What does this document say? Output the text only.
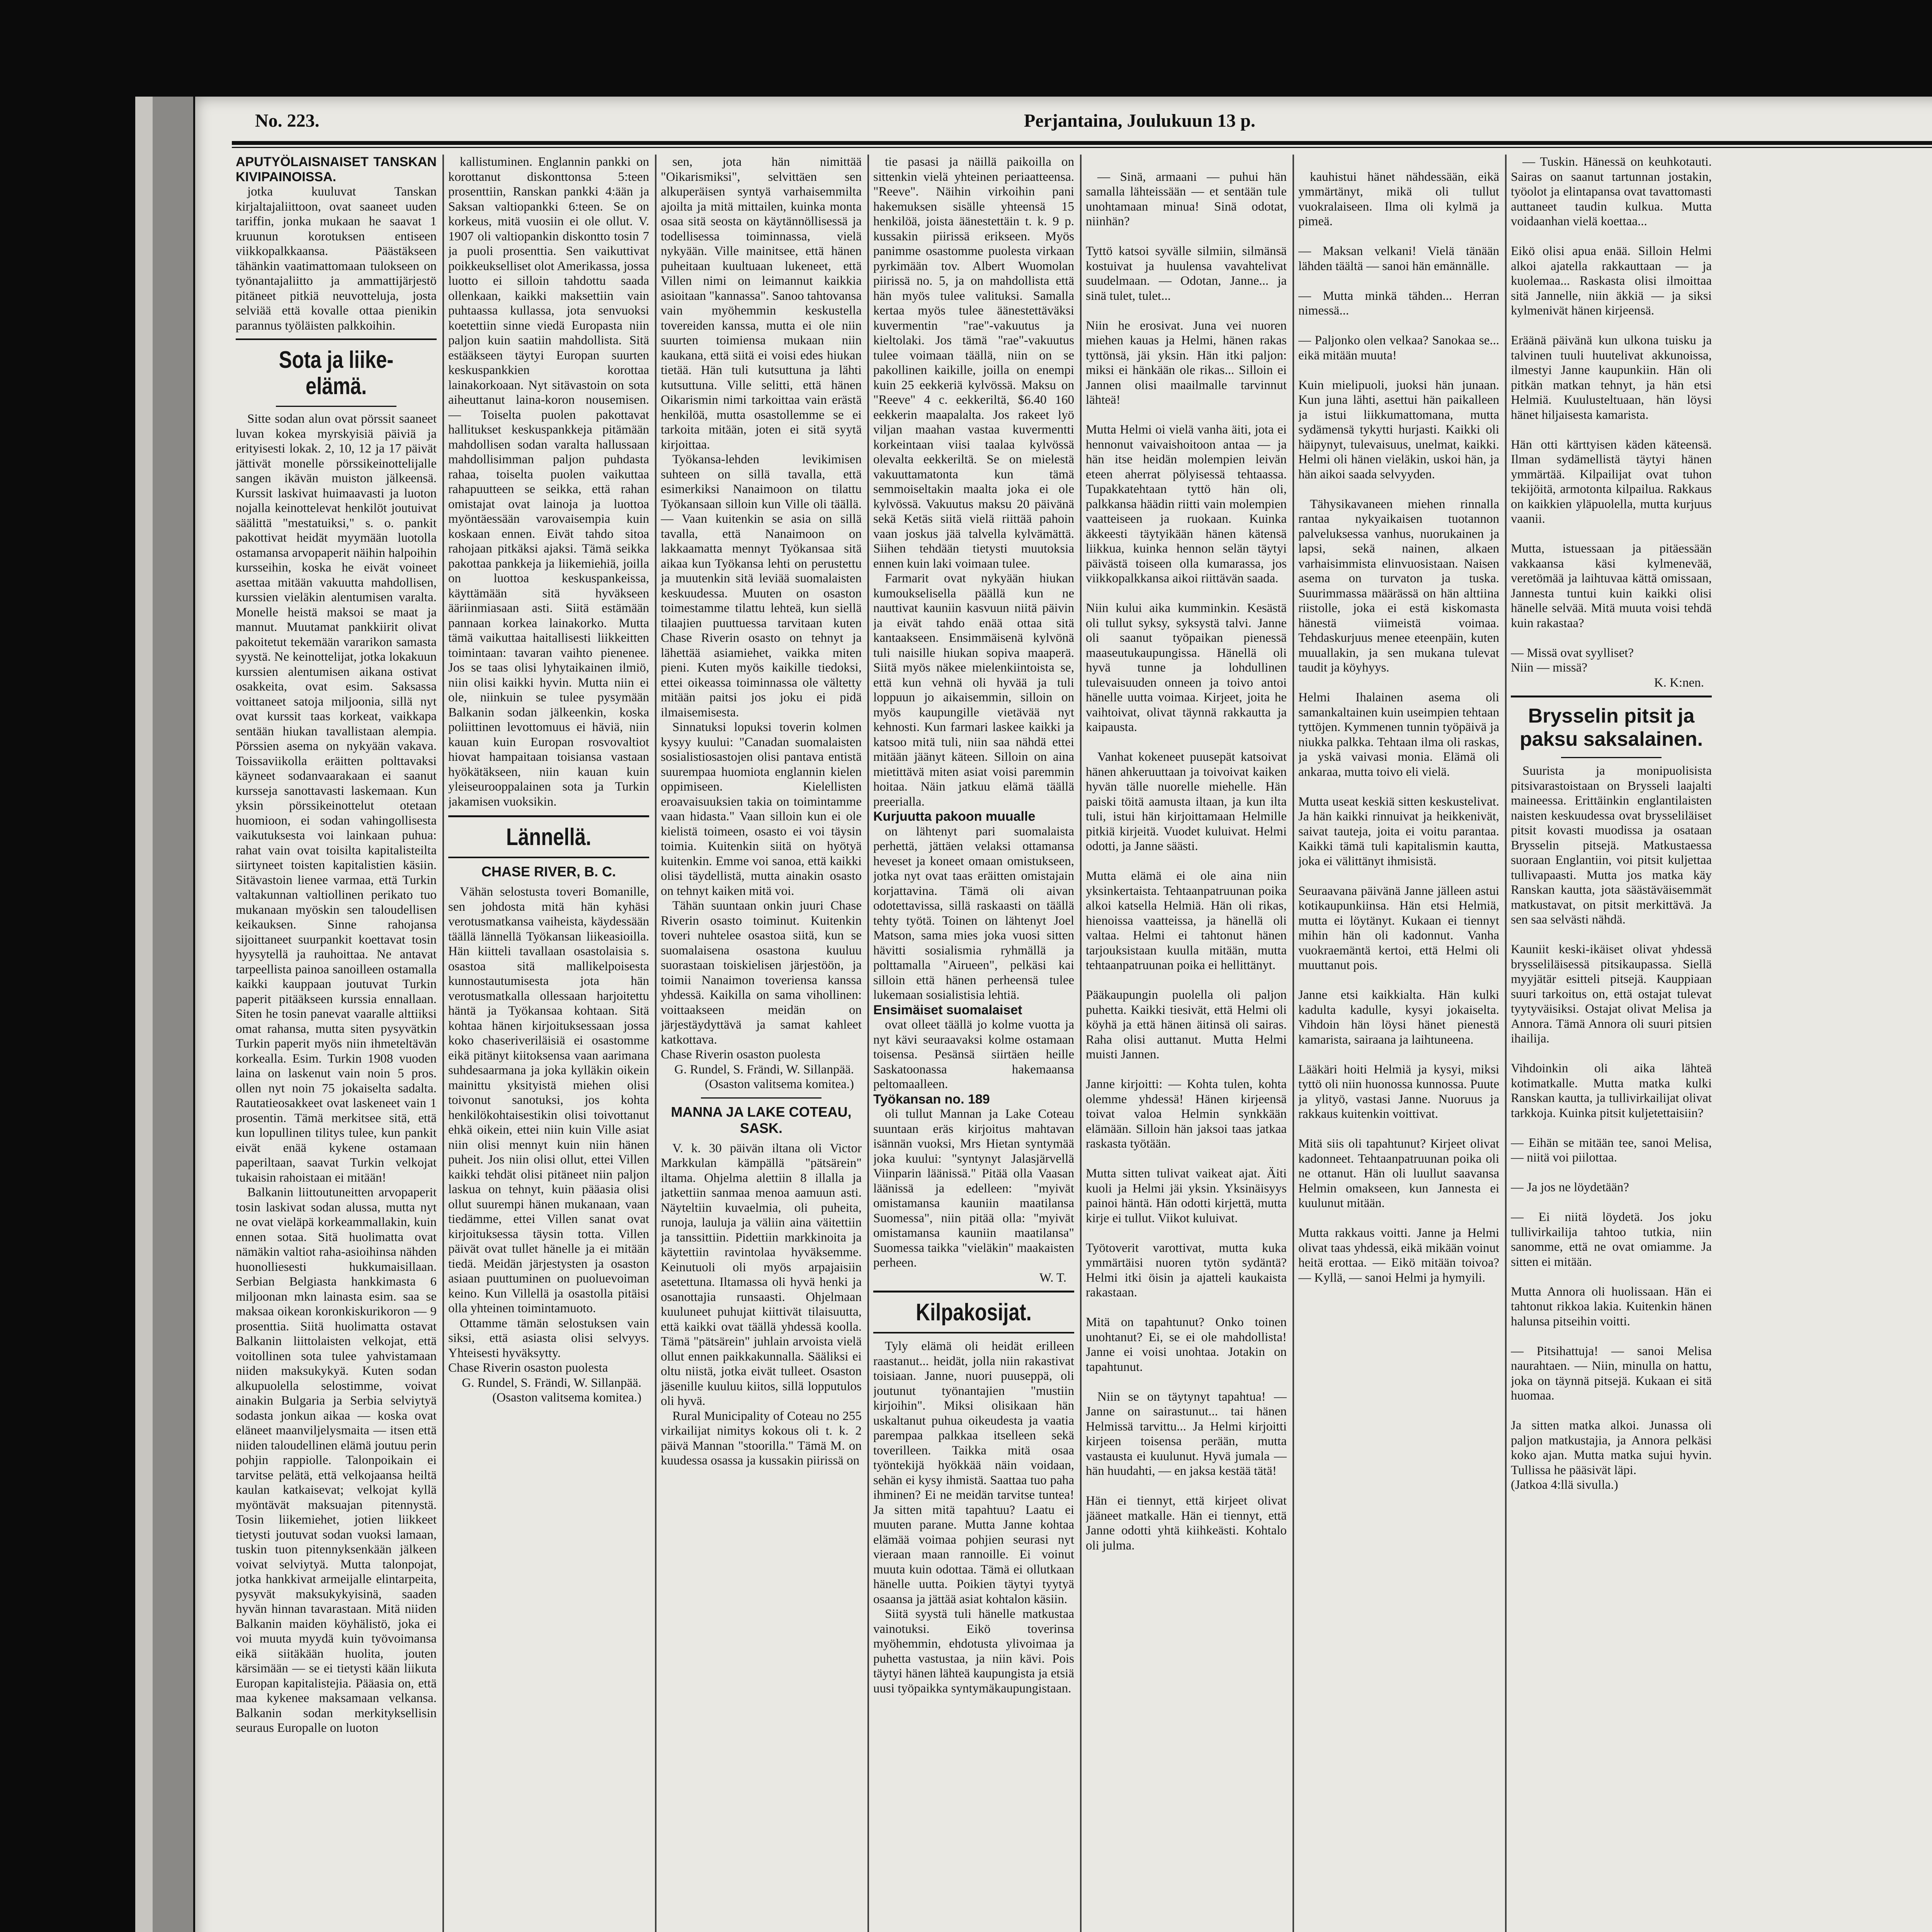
No. 223.	Perjantaina, Joulukuun 13 p.
APUTYÖLAISNAISET TANSKAN KIVIPAINOISSA.

jotka kuuluvat Tanskan kirjaltajaliittoon, ovat saaneet uuden tariffin, jonka mukaan he saavat 1 kruunun korotuksen entiseen viikkopalkkaansa. Päästäkseen tähänkin vaatimattomaan tulokseen on työnantajaliitto ja ammattijärjestö pitäneet pitkiä neuvotteluja, josta selviää että kovalle ottaa pienikin parannus työläisten palkkoihin.

Sota ja liike-elämä.

Sitte sodan alun ovat pörssit saaneet luvan kokea myrskyisiä päiviä ja erityisesti lokak. 2, 10, 12 ja 17 päivät jättivät monelle pörssikeinottelijalle sangen ikävän muiston jälkeensä. Kurssit laskivat huimaavasti ja luoton nojalla keinottelevat henkilöt joutuivat säälittä "mestatuiksi," s. o. pankit pakottivat heidät myymään luotolla ostamansa arvopaperit näihin halpoihin kursseihin, koska he eivät voineet asettaa mitään vakuutta mahdollisen, kurssien vieläkin alentumisen varalta. Monelle heistä maksoi se maat ja mannut. Muutamat pankkiirit olivat pakoitetut tekemään vararikon samasta syystä. Ne keinottelijat, jotka lokakuun kurssien alentumisen aikana ostivat osakkeita, ovat esim. Saksassa voittaneet satoja miljoonia, sillä nyt ovat kurssit taas korkeat, vaikkapa sentään hiukan tavallistaan alempia. Pörssien asema on nykyään vakava. Toissaviikolla eräitten polttavaksi käyneet sodanvaarakaan ei saanut kursseja sanottavasti laskemaan. Kun yksin pörssikeinottelut otetaan huomioon, ei sodan vahingollisesta vaikutuksesta voi lainkaan puhua: rahat vain ovat toisilta kapitalisteilta siirtyneet toisten kapitalistien käsiin. Sitävastoin lienee varmaa, että Turkin valtakunnan valtiollinen perikato tuo mukanaan myöskin sen taloudellisen keikauksen. Sinne rahojansa sijoittaneet suurpankit koettavat tosin hyysytellä ja rauhoittaa. Ne antavat tarpeellista painoa sanoilleen ostamalla kaikki kauppaan joutuvat Turkin paperit pitääkseen kurssia ennallaan. Siten he tosin panevat vaaralle alttiiksi omat rahansa, mutta siten pysyvätkin Turkin paperit myös niin ihmeteltävän korkealla. Esim. Turkin 1908 vuoden laina on laskenut vain noin 5 pros. ollen nyt noin 75 jokaiselta sadalta. Rautatieosakkeet ovat laskeneet vain 1 prosentin. Tämä merkitsee sitä, että kun lopullinen tilitys tulee, kun pankit eivät enää kykene ostamaan paperiltaan, saavat Turkin velkojat tukaisin rahoistaan ei mitään!

Balkanin liittoutuneitten arvopaperit tosin laskivat sodan alussa, mutta nyt ne ovat vieläpä korkeammallakin, kuin ennen sotaa. Sitä huolimatta ovat nämäkin valtiot raha-asioihinsa nähden huonolliesesti hukkumaisillaan. Serbian Belgiasta hankkimasta 6 miljoonan mkn lainasta esim. saa se maksaa oikean koronkiskurikoron — 9 prosenttia. Siitä huolimatta ostavat Balkanin liittolaisten velkojat, että voitollinen sota tulee yahvistamaan niiden maksukykyä. Kuten sodan alkupuolella selostimme, voivat ainakin Bulgaria ja Serbia selviytyä sodasta jonkun aikaa — koska ovat eläneet maanviljelysmaita — itsen että niiden taloudellinen elämä joutuu perin pohjin rappiolle. Talonpoikain ei tarvitse pelätä, että velkojaansa heiltä kaulan katkaisevat; velkojat kyllä myöntävät maksuajan pitennystä. Tosin liikemiehet, jotien liikkeet tietysti joutuvat sodan vuoksi lamaan, tuskin tuon pitennyksenkään jälkeen voivat selviytyä. Mutta talonpojat, jotka hankkivat armeijalle elintarpeita, pysyvät maksukykyisinä, saaden hyvän hinnan tavarastaan. Mitä niiden Balkanin maiden köyhälistö, joka ei voi muuta myydä kuin työvoimansa eikä siitäkään huolita, jouten kärsimään — se ei tietysti kään liikuta Europan kapitalistejia. Pääasia on, että maa kykenee maksamaan velkansa. Balkanin sodan merkityksellisin seuraus Europalle on luoton

kallistuminen. Englannin pankki on korottanut diskonttonsa 5:teen prosenttiin, Ranskan pankki 4:ään ja Saksan valtiopankki 6:teen. Se on korkeus, mitä vuosiin ei ole ollut. V. 1907 oli valtiopankin diskontto tosin 7 ja puoli prosenttia. Sen vaikuttivat poikkeukselliset olot Amerikassa, jossa luotto ei silloin tahdottu saada ollenkaan, kaikki maksettiin vain puhtaassa kullassa, jota senvuoksi koetettiin sinne viedä Europasta niin paljon kuin saatiin mahdollista. Sitä estääkseen täytyi Europan suurten keskuspankkien korottaa lainakorkoaan. Nyt sitävastoin on sota aiheuttanut laina-koron nousemisen. — Toiselta puolen pakottavat hallitukset keskuspankkeja pitämään mahdollisen sodan varalta hallussaan mahdollisimman paljon puhdasta rahaa, toiselta puolen vaikuttaa rahapuutteen se seikka, että rahan omistajat ovat lainoja ja luottoa myöntäessään varovaisempia kuin koskaan ennen. Eivät tahdo sitoa rahojaan pitkäksi ajaksi. Tämä seikka pakottaa pankkeja ja liikemiehiä, joilla on luottoa keskuspankeissa, käyttämään sitä hyväkseen ääriinmiasaan asti. Siitä estämään pannaan korkea lainakorko. Mutta tämä vaikuttaa haitallisesti liikkeitten toimintaan: tavaran vaihto pienenee. Jos se taas olisi lyhytaikainen ilmiö, niin olisi kaikki hyvin. Mutta niin ei ole, niinkuin se tulee pysymään Balkanin sodan jälkeenkin, koska poliittinen levottomuus ei häviä, niin kauan kuin Europan rosvovaltiot hiovat hampaitaan toisiansa vastaan hyökätäkseen, niin kauan kuin yleiseurooppalainen sota ja Turkin jakamisen vuoksikin.

Lännellä.
CHASE RIVER, B. C.

Vähän selostusta toveri Bomanille, sen johdosta mitä hän kyhäsi verotusmatkansa vaiheista, käydessään täällä lännellä Työkansan liikeasioilla. Hän kiitteli tavallaan osastolaisia s. osastoa sitä mallikelpoisesta kunnostautumisesta jota hän verotusmatkalla ollessaan harjoitettu häntä ja Työkansaa kohtaan. Sitä kohtaa hänen kirjoituksessaan jossa koko chaseriveriläisiä ei osastomme eikä pitänyt kiitoksensa vaan aarimana suhdesaarmana ja joka kylläkin oikein mainittu yksityistä miehen olisi toivonut sanotuksi, jos kohta henkilökohtaisestikin olisi toivottanut ehkä oikein, ettei niin kuin Ville asiat niin olisi mennyt kuin niin hänen puheit. Jos niin olisi ollut, ettei Villen kaikki tehdät olisi pitäneet niin paljon laskua on tehnyt, kuin pääasia olisi ollut suurempi hänen mukanaan, vaan tiedämme, ettei Villen sanat ovat kirjoituksessa täysin totta. Villen päivät ovat tullet hänelle ja ei mitään tiedä. Meidän järjestysten ja osaston asiaan puuttuminen on puoluevoiman keino. Kun Villellä ja osastolla pitäisi olla yhteinen toimintamuoto.

Ottamme tämän selostuksen vain siksi, että asiasta olisi selvyys. Yhteisesti hyväksytty.

Chase Riverin osaston puolesta

G. Rundel, S. Frändi, W. Sillanpää.

(Osaston valitsema komitea.)

sen, jota hän nimittää "Oikarismiksi", selvittäen sen alkuperäisen syntyä varhaisemmilta ajoilta ja mitä mittailen, kuinka monta osaa sitä seosta on käytännöllisessä ja todellisessa toiminnassa, vielä nykyään. Ville mainitsee, että hänen puheitaan kuultuaan lukeneet, että Villen nimi on leimannut kaikkia asioitaan "kannassa". Sanoo tahtovansa vain myöhemmin keskustella tovereiden kanssa, mutta ei ole niin suurten toimiensa mukaan niin kaukana, että siitä ei voisi edes hiukan tietää. Hän tuli kutsuttuna ja lähti kutsuttuna. Ville selitti, että hänen Oikarismin nimi tarkoittaa vain erästä henkilöä, mutta osastollemme se ei tarkoita mitään, joten ei sitä syytä kirjoittaa.

Työkansa-lehden levikimisen suhteen on sillä tavalla, että esimerkiksi Nanaimoon on tilattu Työkansaan silloin kun Ville oli täällä. — Vaan kuitenkin se asia on sillä tavalla, että Nanaimoon on lakkaamatta mennyt Työkansaa sitä aikaa kun Työkansa lehti on perustettu ja muutenkin sitä leviää suomalaisten keskuudessa. Muuten on osaston toimestamme tilattu lehteä, kun siellä tilaajien puuttuessa tarvitaan kuten Chase Riverin osasto on tehnyt ja lähettää asiamiehet, vaikka miten pieni. Kuten myös kaikille tiedoksi, ettei oikeassa toiminnassa ole vältetty mitään paitsi jos joku ei pidä ilmaisemisesta.

Sinnatuksi lopuksi toverin kolmen kysyy kuului: "Canadan suomalaisten sosialistiosastojen olisi pantava entistä suurempaa huomiota englannin kielen oppimiseen. Kielellisten eroavaisuuksien takia on toimintamme vaan hidasta." Vaan silloin kun ei ole kielistä toimeen, osasto ei voi täysin toimia. Kuitenkin siitä on hyötyä kuitenkin. Emme voi sanoa, että kaikki olisi täydellistä, mutta ainakin osasto on tehnyt kaiken mitä voi.

Tähän suuntaan onkin juuri Chase Riverin osasto toiminut. Kuitenkin toveri nuhtelee osastoa siitä, kun se suomalaisena osastona kuuluu suorastaan toiskielisen järjestöön, ja toimii Nanaimon toveriensa kanssa yhdessä. Kaikilla on sama vihollinen: voittaakseen meidän on järjestäydyttävä ja samat kahleet katkottava.

Chase Riverin osaston puolesta

G. Rundel, S. Frändi, W. Sillanpää.

(Osaston valitsema komitea.)

MANNA JA LAKE COTEAU, SASK.

V. k. 30 päivän iltana oli Victor Markkulan kämpällä "pätsärein" iltama. Ohjelma alettiin 8 illalla ja jatkettiin sanmaa menoa aamuun asti. Näyteltiin kuvaelmia, oli puheita, runoja, lauluja ja väliin aina väitettiin ja tanssittiin. Pidettiin markkinoita ja käytettiin ravintolaa hyväksemme. Keinutuoli oli myös arpajaisiin asetettuna. Iltamassa oli hyvä henki ja osanottajia runsaasti. Ohjelmaan kuuluneet puhujat kiittivät tilaisuutta, että kaikki ovat täällä yhdessä koolla. Tämä "pätsärein" juhlain arvoista vielä ollut ennen paikkakunnalla. Sääliksi ei oltu niistä, jotka eivät tulleet. Osaston jäsenille kuuluu kiitos, sillä lopputulos oli hyvä.

Rural Municipality of Coteau no 255 virkailijat nimitys kokous oli t. k. 2 päivä Mannan "stoorilla." Tämä M. on kuudessa osassa ja kussakin piirissä on

tie pasasi ja näillä paikoilla on sittenkin vielä yhteinen periaatteensa. "Reeve". Näihin virkoihin pani hakemuksen sisälle yhteensä 15 henkilöä, joista äänestettäin t. k. 9 p. kussakin piirissä erikseen. Myös panimme osastomme puolesta virkaan pyrkimään tov. Albert Wuomolan piirissä no. 5, ja on mahdollista että hän myös tulee valituksi. Samalla kertaa myös tulee äänestettäväksi kuvermentin "rae"-vakuutus ja kieltolaki. Jos tämä "rae"-vakuutus tulee voimaan täällä, niin on se pakollinen kaikille, joilla on enempi kuin 25 eekkeriä kylvössä. Maksu on "Reeve" 4 c. eekkeriltä, $6.40 160 eekkerin maapalalta. Jos rakeet lyö viljan maahan vastaa kuvermentti korkeintaan viisi taalaa kylvössä olevalta eekkeriltä. Se on mielestä vakuuttamatonta kun tämä semmoiseltakin maalta joka ei ole kylvössä. Vakuutus maksu 20 päivänä sekä Ketäs siitä vielä riittää pahoin vaan joskus jää talvella kylvämättä. Siihen tehdään tietysti muutoksia ennen kuin laki voimaan tulee.

Farmarit ovat nykyään hiukan kumoukselisella päällä kun ne nauttivat kauniin kasvuun niitä päivin ja eivät tahdo enää ottaa sitä kantaakseen. Ensimmäisenä kylvönä tuli naisille hiukan sopiva maaperä. Siitä myös näkee mielenkiintoista se, että kun vehnä oli hyvää ja tuli loppuun jo aikaisemmin, silloin on myös kaupungille vietävää nyt kehnosti. Kun farmari laskee kaikki ja katsoo mitä tuli, niin saa nähdä ettei mitään jäänyt käteen. Silloin on aina mietittävä miten asiat voisi paremmin hoitaa. Näin jatkuu elämä täällä preerialla.

Kurjuutta pakoon muualle

on lähtenyt pari suomalaista perhettä, jättäen velaksi ottamansa heveset ja koneet omaan omistukseen, jotka nyt ovat taas eräitten omistajain korjattavina. Tämä oli aivan odotettavissa, sillä raskaasti on täällä tehty työtä. Toinen on lähtenyt Joel Matson, sama mies joka vuosi sitten hävitti sosialismia ryhmällä ja polttamalla "Airueen", pelkäsi kai silloin että hänen perheensä tulee lukemaan sosialistisia lehtiä.

Ensimäiset suomalaiset

ovat olleet täällä jo kolme vuotta ja nyt kävi seuraavaksi kolme ostamaan toisensa. Pesänsä siirtäen heille Saskatoonassa hakemaansa peltomaalleen.

Työkansan no. 189

oli tullut Mannan ja Lake Coteau suuntaan eräs kirjoitus mahtavan isännän vuoksi, Mrs Hietan syntymää joka kuului: "syntynyt Jalasjärvellä Viinparin läänissä." Pitää olla Vaasan läänissä ja edelleen: "myivät omistamansa kauniin maatilansa Suomessa", niin pitää olla: "myivät omistamansa kauniin maatilansa" Suomessa taikka "vieläkin" maakaisten perheen.

W. T.

Kilpakosijat.

Tyly elämä oli heidät erilleen raastanut... heidät, jolla niin rakastivat toisiaan. Janne, nuori puuseppä, oli joutunut työnantajien "mustiin kirjoihin". Miksi olisikaan hän uskaltanut puhua oikeudesta ja vaatia parempaa palkkaa itselleen sekä toverilleen. Taikka mitä osaa työntekijä hyökkää näin voidaan, sehän ei kysy ihmistä. Saattaa tuo paha ihminen? Ei ne meidän tarvitse tuntea! Ja sitten mitä tapahtuu? Laatu ei muuten parane. Mutta Janne kohtaa elämää voimaa pohjien seurasi nyt vieraan maan rannoille. Ei voinut muuta kuin odottaa. Tämä ei ollutkaan hänelle uutta. Poikien täytyi tyytyä osaansa ja jättää asiat kohtalon käsiin.

Siitä syystä tuli hänelle matkustaa vainotuksi. Eikö toverinsa myöhemmin, ehdotusta ylivoimaa ja puhetta vastustaa, ja niin kävi. Pois täytyi hänen lähteä kaupungista ja etsiä uusi työpaikka syntymäkaupungistaan.

— Sinä, armaani — puhui hän samalla lähteissään — et sentään tule unohtamaan minua! Sinä odotat, niinhän?

Tyttö katsoi syvälle silmiin, silmänsä kostuivat ja huulensa vavahtelivat suudelmaan. — Odotan, Janne... ja sinä tulet, tulet...

Niin he erosivat. Juna vei nuoren miehen kauas ja Helmi, hänen rakas tyttönsä, jäi yksin. Hän itki paljon: miksi ei hänkään ole rikas... Silloin ei Jannen olisi maailmalle tarvinnut lähteä!

Mutta Helmi oi vielä vanha äiti, jota ei hennonut vaivaishoitoon antaa — ja hän itse heidän molempien leivän eteen aherrat pölyisessä tehtaassa. Tupakkatehtaan tyttö hän oli, palkkansa häädin riitti vain molempien vaatteiseen ja ruokaan. Kuinka äkkeesti täytyikään hänen kätensä liikkua, kuinka hennon selän täytyi päivästä toiseen olla kumarassa, jos viikkopalkkansa aikoi riittävän saada.

Niin kului aika kumminkin. Kesästä oli tullut syksy, syksystä talvi. Janne oli saanut työpaikan pienessä maaseutukaupungissa. Hänellä oli hyvä tunne ja lohdullinen tulevaisuuden onneen ja toivo antoi hänelle uutta voimaa. Kirjeet, joita he vaihtoivat, olivat täynnä rakkautta ja kaipausta.

Vanhat kokeneet puusepät katsoivat hänen ahkeruuttaan ja toivoivat kaiken hyvän tälle nuorelle miehelle. Hän paiski töitä aamusta iltaan, ja kun ilta tuli, istui hän kirjoittamaan Helmille pitkiä kirjeitä. Vuodet kuluivat. Helmi odotti, ja Janne säästi.

Mutta elämä ei ole aina niin yksinkertaista. Tehtaanpatruunan poika alkoi katsella Helmiä. Hän oli rikas, hienoissa vaatteissa, ja hänellä oli valtaa. Helmi ei tahtonut hänen tarjouksistaan kuulla mitään, mutta tehtaanpatruunan poika ei hellittänyt.

Pääkaupungin puolella oli paljon puhetta. Kaikki tiesivät, että Helmi oli köyhä ja että hänen äitinsä oli sairas. Raha olisi auttanut. Mutta Helmi muisti Jannen.

Janne kirjoitti: — Kohta tulen, kohta olemme yhdessä! Hänen kirjeensä toivat valoa Helmin synkkään elämään. Silloin hän jaksoi taas jatkaa raskasta työtään.

Mutta sitten tulivat vaikeat ajat. Äiti kuoli ja Helmi jäi yksin. Yksinäisyys painoi häntä. Hän odotti kirjettä, mutta kirje ei tullut. Viikot kuluivat.

Työtoverit varottivat, mutta kuka ymmärtäisi nuoren tytön sydäntä? Helmi itki öisin ja ajatteli kaukaista rakastaan.

Mitä on tapahtunut? Onko toinen unohtanut? Ei, se ei ole mahdollista! Janne ei voisi unohtaa. Jotakin on tapahtunut.

Niin se on täytynyt tapahtua! — Janne on sairastunut... tai hänen Helmissä tarvittu... Ja Helmi kirjoitti kirjeen toisensa perään, mutta vastausta ei kuulunut. Hyvä jumala — hän huudahti, — en jaksa kestää tätä!

Hän ei tiennyt, että kirjeet olivat jääneet matkalle. Hän ei tiennyt, että Janne odotti yhtä kiihkeästi. Kohtalo oli julma.

kauhistui hänet nähdessään, eikä ymmärtänyt, mikä oli tullut vuokralaiseen. Ilma oli kylmä ja pimeä.

— Maksan velkani! Vielä tänään lähden täältä — sanoi hän emännälle.

— Mutta minkä tähden... Herran nimessä...

— Paljonko olen velkaa? Sanokaa se... eikä mitään muuta!

Kuin mielipuoli, juoksi hän junaan. Kun juna lähti, asettui hän paikalleen ja istui liikkumattomana, mutta sydämensä tykytti hurjasti. Kaikki oli häipynyt, tulevaisuus, unelmat, kaikki. Helmi oli hänen vieläkin, uskoi hän, ja hän aikoi saada selvyyden.

Tähysikavaneen miehen rinnalla rantaa nykyaikaisen tuotannon palveluksessa vanhus, nuorukainen ja lapsi, sekä nainen, alkaen varhaisimmista elinvuosistaan. Naisen asema on turvaton ja tuska. Suurimmassa määrässä on hän alttiina riistolle, joka ei estä kiskomasta hänestä viimeistä voimaa. Tehdaskurjuus menee eteenpäin, kuten muuallakin, ja sen mukana tulevat taudit ja köyhyys.

Helmi Ihalainen asema oli samankaltainen kuin useimpien tehtaan tyttöjen. Kymmenen tunnin työpäivä ja niukka palkka. Tehtaan ilma oli raskas, ja yskä vaivasi monia. Elämä oli ankaraa, mutta toivo eli vielä.

Mutta useat keskiä sitten keskustelivat. Ja hän kaikki rinnuivat ja heikkenivät, saivat tauteja, joita ei voitu parantaa. Kaikki tämä tuli kapitalismin kautta, joka ei välittänyt ihmisistä.

Seuraavana päivänä Janne jälleen astui kotikaupunkiinsa. Hän etsi Helmiä, mutta ei löytänyt. Kukaan ei tiennyt mihin hän oli kadonnut. Vanha vuokraemäntä kertoi, että Helmi oli muuttanut pois.

Janne etsi kaikkialta. Hän kulki kadulta kadulle, kysyi jokaiselta. Vihdoin hän löysi hänet pienestä kamarista, sairaana ja laihtuneena.

Lääkäri hoiti Helmiä ja kysyi, miksi tyttö oli niin huonossa kunnossa. Puute ja ylityö, vastasi Janne. Nuoruus ja rakkaus kuitenkin voittivat.

Mitä siis oli tapahtunut? Kirjeet olivat kadonneet. Tehtaanpatruunan poika oli ne ottanut. Hän oli luullut saavansa Helmin omakseen, kun Jannesta ei kuulunut mitään.

Mutta rakkaus voitti. Janne ja Helmi olivat taas yhdessä, eikä mikään voinut heitä erottaa. — Eikö mitään toivoa? — Kyllä, — sanoi Helmi ja hymyili.

— Tuskin. Hänessä on keuhkotauti. Sairas on saanut tartunnan jostakin, työolot ja elintapansa ovat tavattomasti auttaneet taudin kulkua. Mutta voidaanhan vielä koettaa...

Eikö olisi apua enää. Silloin Helmi alkoi ajatella rakkauttaan — ja kuolemaa... Raskasta olisi ilmoittaa sitä Jannelle, niin äkkiä — ja siksi kylmenivät hänen kirjeensä.

Eräänä päivänä kun ulkona tuisku ja talvinen tuuli huutelivat akkunoissa, ilmestyi Janne kaupunkiin. Hän oli pitkän matkan tehnyt, ja hän etsi Helmiä. Kuulusteltuaan, hän löysi hänet hiljaisesta kamarista.

Hän otti kärttyisen käden käteensä. Ilman sydämellistä täytyi hänen ymmärtää. Kilpailijat ovat tuhon tekijöitä, armotonta kilpailua. Rakkaus on kaikkien yläpuolella, mutta kurjuus vaanii.

Mutta, istuessaan ja pitäessään vakkaansa käsi kylmenevää, veretömää ja laihtuvaa kättä omissaan, Jannesta tuntui kuin kaikki olisi hänelle selvää. Mitä muuta voisi tehdä kuin rakastaa?

— Missä ovat syylliset?
Niin — missä?

K. K:nen.

Brysselin pitsit ja paksu saksalainen.

Suurista ja monipuolisista pitsivarastoistaan on Brysseli laajalti maineessa. Erittäinkin englantilaisten naisten keskuudessa ovat brysseliläiset pitsit kovasti muodissa ja osataan Brysselin pitsejä. Matkustaessa suoraan Englantiin, voi pitsit kuljettaa tullivapaasti. Mutta jos matka käy Ranskan kautta, jota säästäväisemmät matkustavat, on pitsit merkittävä. Ja sen saa selvästi nähdä.

Kauniit keski-ikäiset olivat yhdessä brysseliläisessä pitsikaupassa. Siellä myyjätär esitteli pitsejä. Kauppiaan suuri tarkoitus on, että ostajat tulevat tyytyväisiksi. Ostajat olivat Melisa ja Annora. Tämä Annora oli suuri pitsien ihailija.

Vihdoinkin oli aika lähteä kotimatkalle. Mutta matka kulki Ranskan kautta, ja tullivirkailijat olivat tarkkoja. Kuinka pitsit kuljetettaisiin?

— Eihän se mitään tee, sanoi Melisa, — niitä voi piilottaa.

— Ja jos ne löydetään?

— Ei niitä löydetä. Jos joku tullivirkailija tahtoo tutkia, niin sanomme, että ne ovat omiamme. Ja sitten ei mitään.

Mutta Annora oli huolissaan. Hän ei tahtonut rikkoa lakia. Kuitenkin hänen halunsa pitseihin voitti.

— Pitsihattuja! — sanoi Melisa naurahtaen. — Niin, minulla on hattu, joka on täynnä pitsejä. Kukaan ei sitä huomaa.

Ja sitten matka alkoi. Junassa oli paljon matkustajia, ja Annora pelkäsi koko ajan. Mutta matka sujui hyvin. Tullissa he pääsivät läpi.

(Jatkoa 4:llä sivulla.)
